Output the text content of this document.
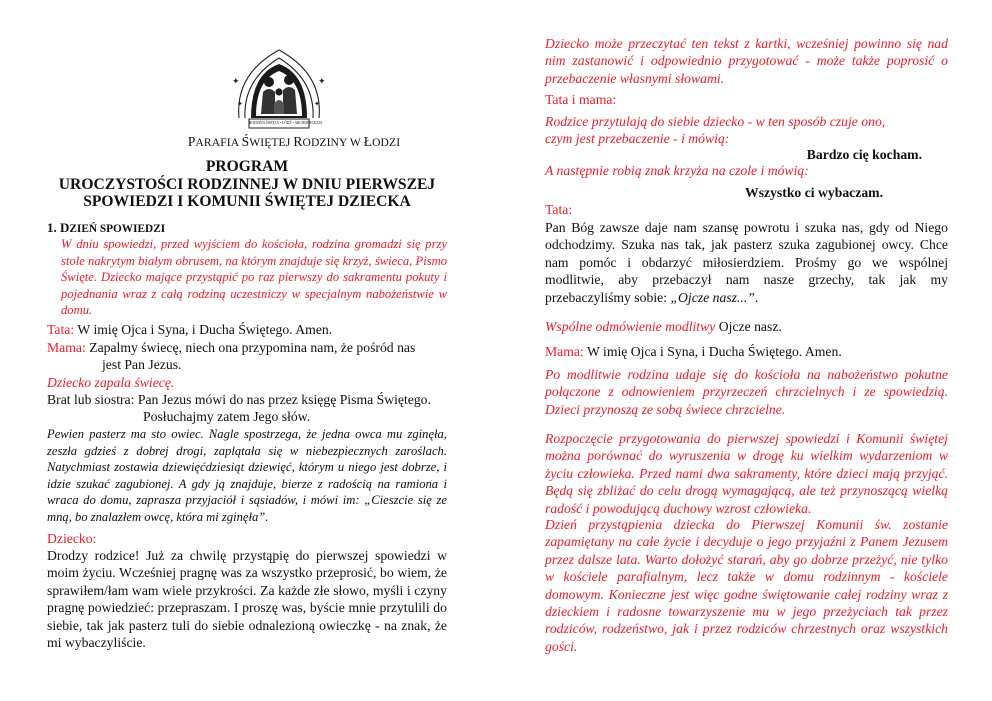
✦	✦
✦	✦
RODZINA ŚWIĘTA • ŁÓDŹ • ARCHIDIECEZJA
PARAFIA ŚWIĘTEJ RODZINY W ŁODZI
PROGRAM
UROCZYSTOŚCI RODZINNEJ W DNIU PIERWSZEJ
SPOWIEDZI I KOMUNII ŚWIĘTEJ DZIECKA
1. DZIEŃ SPOWIEDZI
W dniu spowiedzi, przed wyjściem do kościoła, rodzina gromadzi się przy stole nakrytym białym obrusem, na którym znajduje się krzyż, świeca, Pismo Święte. Dziecko mające przystąpić po raz pierwszy do sakramentu pokuty i pojednania wraz z całą rodziną uczestniczy w specjalnym nabożeństwie w domu.
Tata: W imię Ojca i Syna, i Ducha Świętego. Amen.
Mama: Zapalmy świecę, niech ona przypomina nam, że pośród nas
jest Pan Jezus.
Dziecko zapala świecę.
Brat lub siostra: Pan Jezus mówi do nas przez księgę Pisma Świętego.
Posłuchajmy zatem Jego słów.
Pewien pasterz ma sto owiec. Nagle spostrzega, że jedna owca mu zginęła, zeszła gdzieś z dobrej drogi, zaplątała się w niebezpiecznych zaroślach. Natychmiast zostawia dziewięćdziesiąt dziewięć, którym u niego jest dobrze, i idzie szukać zagubionej. A gdy ją znajduje, bierze z radością na ramiona i wraca do domu, zaprasza przyjaciół i sąsiadów, i mówi im: „Cieszcie się ze mną, bo znalazłem owcę, która mi zginęła”.
Dziecko:
Drodzy rodzice! Już za chwilę przystąpię do pierwszej spowiedzi w moim życiu. Wcześniej pragnę was za wszystko przeprosić, bo wiem, że sprawiłem/łam wam wiele przykrości. Za każde złe słowo, myśli i czyny pragnę powiedzieć: przepraszam. I proszę was, byście mnie przytulili do siebie, tak jak pasterz tuli do siebie odnalezioną owieczkę - na znak, że mi wybaczyliście.
Dziecko może przeczytać ten tekst z kartki, wcześniej powinno się nad nim zastanowić i odpowiednio przygotować - może także poprosić o przebaczenie własnymi słowami.
Tata i mama:
Rodzice przytulają do siebie dziecko - w ten sposób czuje ono,
czym jest przebaczenie - i mówią:
Bardzo cię kocham.
A następnie robią znak krzyża na czole i mówią:
Wszystko ci wybaczam.
Tata:
Pan Bóg zawsze daje nam szansę powrotu i szuka nas, gdy od Niego odchodzimy. Szuka nas tak, jak pasterz szuka zagubionej owcy. Chce nam pomóc i obdarzyć miłosierdziem. Prośmy go we wspólnej modlitwie, aby przebaczył nam nasze grzechy, tak jak my przebaczyliśmy sobie: „Ojcze nasz...”.
Wspólne odmówienie modlitwy Ojcze nasz.
Mama: W imię Ojca i Syna, i Ducha Świętego. Amen.
Po modlitwie rodzina udaje się do kościoła na nabożeństwo pokutne połączone z odnowieniem przyrzeczeń chrzcielnych i ze spowiedzią. Dzieci przynoszą ze sobą świece chrzcielne.
Rozpoczęcie przygotowania do pierwszej spowiedzi i Komunii świętej można porównać do wyruszenia w drogę ku wielkim wydarzeniom w życiu człowieka. Przed nami dwa sakramenty, które dzieci mają przyjąć. Będą się zbliżać do celu drogą wymagającą, ale też przynoszącą wielką radość i powodującą duchowy wzrost człowieka.
Dzień przystąpienia dziecka do Pierwszej Komunii św. zostanie zapamiętany na całe życie i decyduje o jego przyjaźni z Panem Jezusem przez dalsze lata. Warto dołożyć starań, aby go dobrze przeżyć, nie tylko w kościele parafialnym, lecz także w domu rodzinnym - kościele domowym. Konieczne jest więc godne świętowanie całej rodziny wraz z dzieckiem i radosne towarzyszenie mu w jego przeżyciach tak przez rodziców, rodzeństwo, jak i przez rodziców chrzestnych oraz wszystkich gości.
